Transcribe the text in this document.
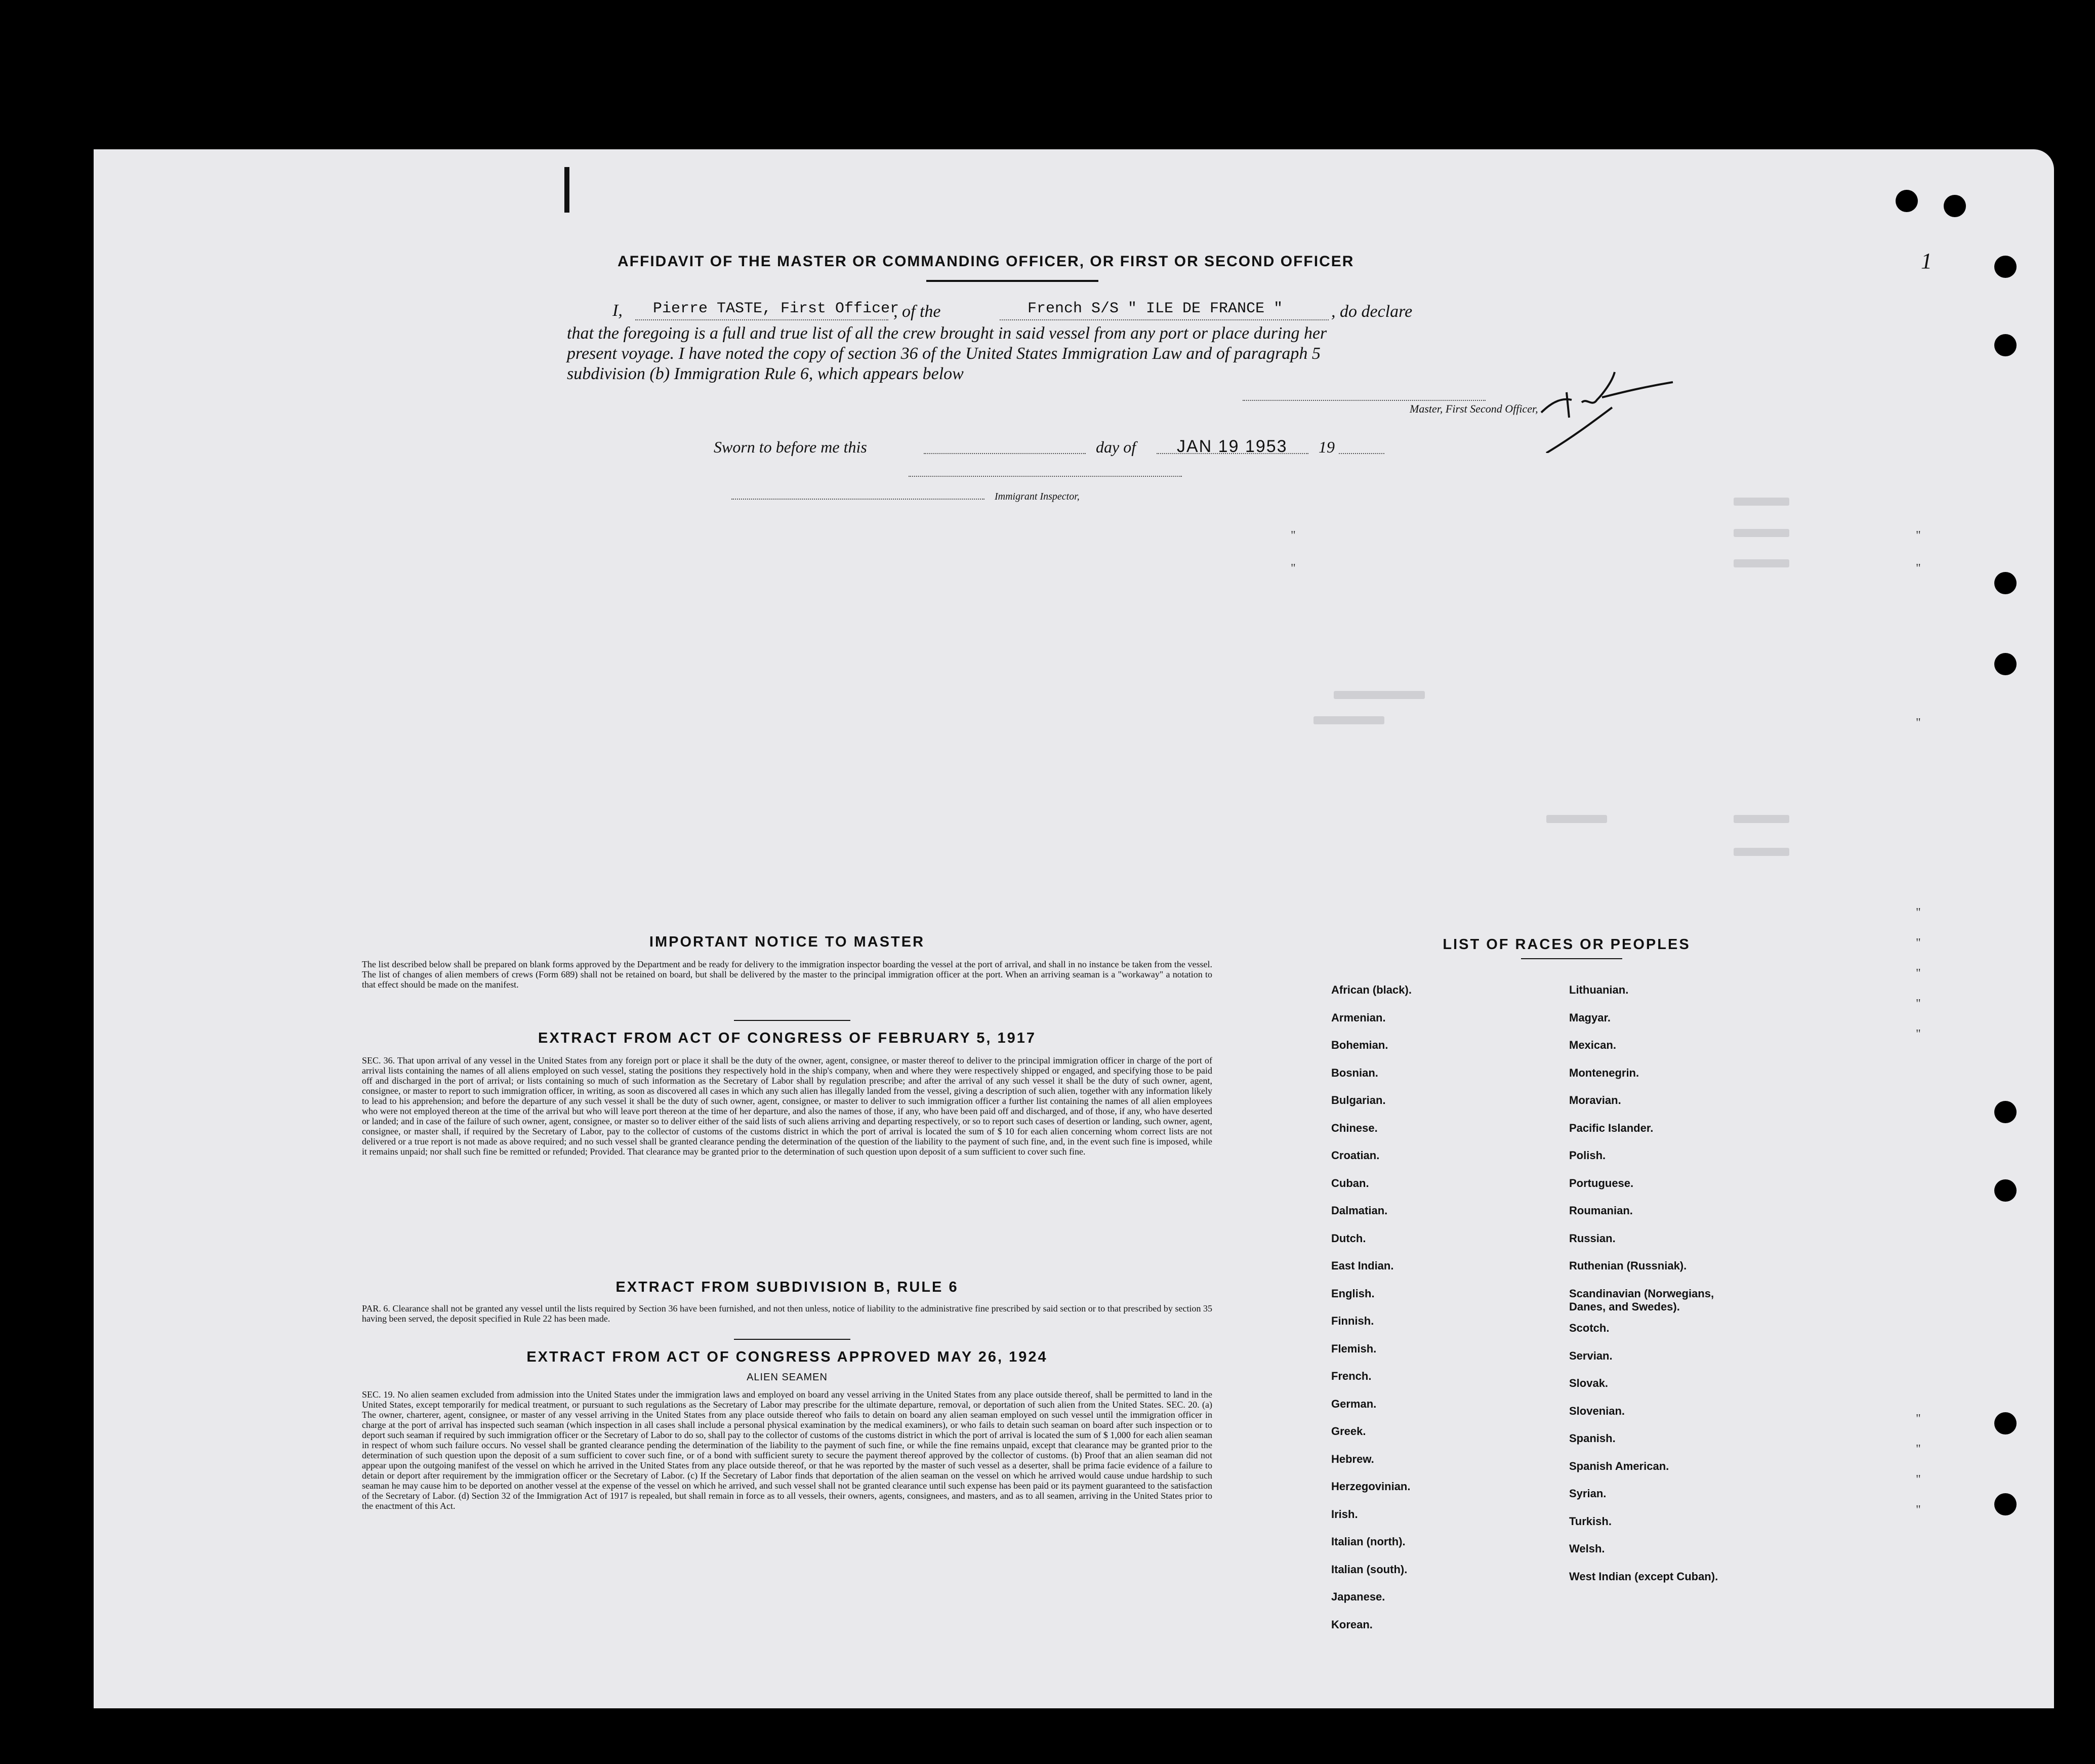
AFFIDAVIT OF THE MASTER OR COMMANDING OFFICER, OR FIRST OR SECOND OFFICER	1
I, Pierre TASTE, First Officer
, of the	French S/S " ILE DE FRANCE "	, do declare
that the foregoing is a full and true list of all the crew brought in said vessel from any port or place during her
present voyage. I have noted the copy of section 36 of the United States Immigration Law and of paragraph 5
subdivision (b) Immigration Rule 6, which appears below
Master, First Second Officer,
Sworn to before me this	day of JAN 19 1953 19
Immigrant Inspector,
"
"
"
"
"
"
"
"
"
"
"
"
"
"
IMPORTANT NOTICE TO MASTER
The list described below shall be prepared on blank forms approved by the Department and be ready for delivery to the immigration inspector boarding the vessel at the port of arrival, and shall in no instance be taken from the vessel. The list of changes of alien members of crews (Form 689) shall not be retained on board, but shall be delivered by the master to the principal immigration officer at the port. When an arriving seaman is a "workaway" a notation to that effect should be made on the manifest.
EXTRACT FROM ACT OF CONGRESS OF FEBRUARY 5, 1917
SEC. 36. That upon arrival of any vessel in the United States from any foreign port or place it shall be the duty of the owner, agent, consignee, or master thereof to deliver to the principal immigration officer in charge of the port of arrival lists containing the names of all aliens employed on such vessel, stating the positions they respectively hold in the ship's company, when and where they were respectively shipped or engaged, and specifying those to be paid off and discharged in the port of arrival; or lists containing so much of such information as the Secretary of Labor shall by regulation prescribe; and after the arrival of any such vessel it shall be the duty of such owner, agent, consignee, or master to report to such immigration officer, in writing, as soon as discovered all cases in which any such alien has illegally landed from the vessel, giving a description of such alien, together with any information likely to lead to his apprehension; and before the departure of any such vessel it shall be the duty of such owner, agent, consignee, or master to deliver to such immigration officer a further list containing the names of all alien employees who were not employed thereon at the time of the arrival but who will leave port thereon at the time of her departure, and also the names of those, if any, who have been paid off and discharged, and of those, if any, who have deserted or landed; and in case of the failure of such owner, agent, consignee, or master so to deliver either of the said lists of such aliens arriving and departing respectively, or so to report such cases of desertion or landing, such owner, agent, consignee, or master shall, if required by the Secretary of Labor, pay to the collector of customs of the customs district in which the port of arrival is located the sum of $ 10 for each alien concerning whom correct lists are not delivered or a true report is not made as above required; and no such vessel shall be granted clearance pending the determination of the question of the liability to the payment of such fine, and, in the event such fine is imposed, while it remains unpaid; nor shall such fine be remitted or refunded; Provided. That clearance may be granted prior to the determination of such question upon deposit of a sum sufficient to cover such fine.
EXTRACT FROM SUBDIVISION B, RULE 6
PAR. 6. Clearance shall not be granted any vessel until the lists required by Section 36 have been furnished, and not then unless, notice of liability to the administrative fine prescribed by said section or to that prescribed by section 35 having been served, the deposit specified in Rule 22 has been made.
EXTRACT FROM ACT OF CONGRESS APPROVED MAY 26, 1924
ALIEN SEAMEN
SEC. 19. No alien seamen excluded from admission into the United States under the immigration laws and employed on board any vessel arriving in the United States from any place outside thereof, shall be permitted to land in the United States, except temporarily for medical treatment, or pursuant to such regulations as the Secretary of Labor may prescribe for the ultimate departure, removal, or deportation of such alien from the United States. SEC. 20. (a) The owner, charterer, agent, consignee, or master of any vessel arriving in the United States from any place outside thereof who fails to detain on board any alien seaman employed on such vessel until the immigration officer in charge at the port of arrival has inspected such seaman (which inspection in all cases shall include a personal physical examination by the medical examiners), or who fails to detain such seaman on board after such inspection or to deport such seaman if required by such immigration officer or the Secretary of Labor to do so, shall pay to the collector of customs of the customs district in which the port of arrival is located the sum of $ 1,000 for each alien seaman in respect of whom such failure occurs. No vessel shall be granted clearance pending the determination of the liability to the payment of such fine, or while the fine remains unpaid, except that clearance may be granted prior to the determination of such question upon the deposit of a sum sufficient to cover such fine, or of a bond with sufficient surety to secure the payment thereof approved by the collector of customs. (b) Proof that an alien seaman did not appear upon the outgoing manifest of the vessel on which he arrived in the United States from any place outside thereof, or that he was reported by the master of such vessel as a deserter, shall be prima facie evidence of a failure to detain or deport after requirement by the immigration officer or the Secretary of Labor. (c) If the Secretary of Labor finds that deportation of the alien seaman on the vessel on which he arrived would cause undue hardship to such seaman he may cause him to be deported on another vessel at the expense of the vessel on which he arrived, and such vessel shall not be granted clearance until such expense has been paid or its payment guaranteed to the satisfaction of the Secretary of Labor. (d) Section 32 of the Immigration Act of 1917 is repealed, but shall remain in force as to all vessels, their owners, agents, consignees, and masters, and as to all seamen, arriving in the United States prior to the enactment of this Act.
LIST OF RACES OR PEOPLES
African (black).
Armenian.
Bohemian.
Bosnian.
Bulgarian.
Chinese.
Croatian.
Cuban.
Dalmatian.
Dutch.
East Indian.
English.
Finnish.
Flemish.
French.
German.
Greek.
Hebrew.
Herzegovinian.
Irish.
Italian (north).
Italian (south).
Japanese.
Korean.
Lithuanian.
Magyar.
Mexican.
Montenegrin.
Moravian.
Pacific Islander.
Polish.
Portuguese.
Roumanian.
Russian.
Ruthenian (Russniak).
Scandinavian (Norwegians, Danes, and Swedes).
Scotch.
Servian.
Slovak.
Slovenian.
Spanish.
Spanish American.
Syrian.
Turkish.
Welsh.
West Indian (except Cuban).
